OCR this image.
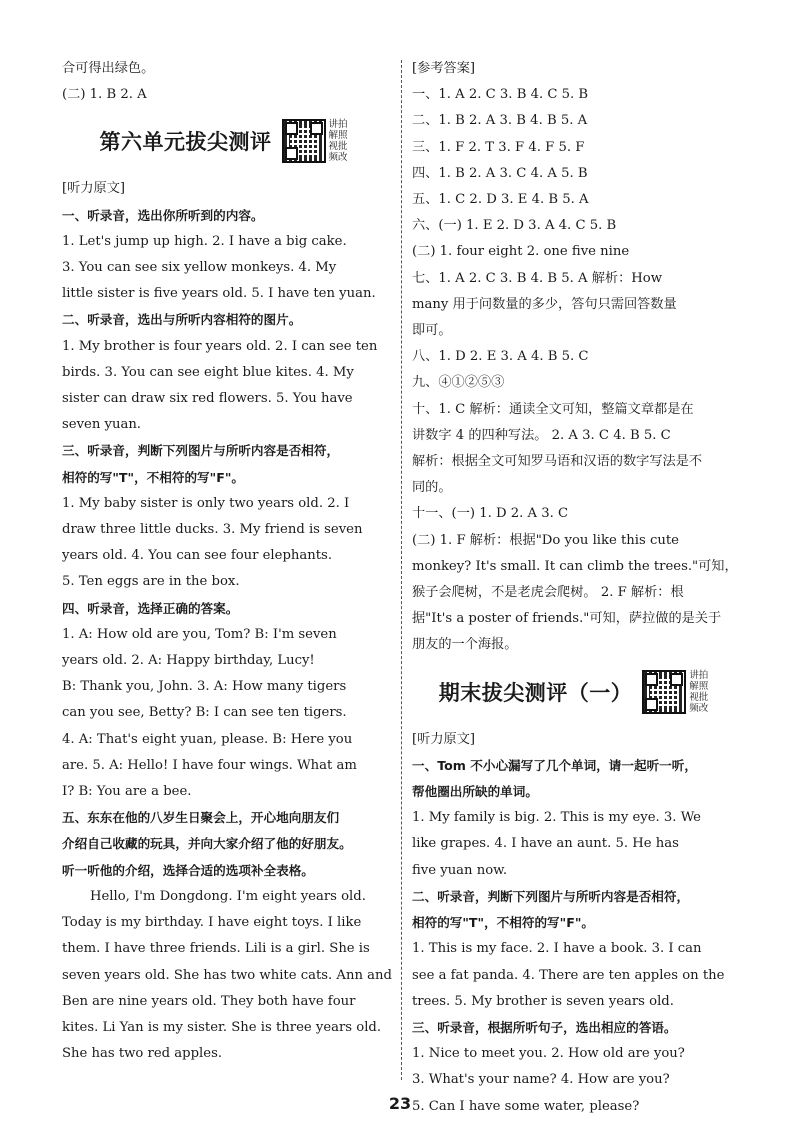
合可得出绿色。
(二) 1. B 2. A
第六单元拔尖测评
讲拍
解照
视批
频改
[听力原文]
一、听录音，选出你所听到的内容。
1. Let's jump up high. 2. I have a big cake.
3. You can see six yellow monkeys. 4. My
little sister is five years old. 5. I have ten yuan.
二、听录音，选出与所听内容相符的图片。
1. My brother is four years old. 2. I can see ten
birds. 3. You can see eight blue kites. 4. My
sister can draw six red flowers. 5. You have
seven yuan.
三、听录音，判断下列图片与所听内容是否相符，
相符的写"T"，不相符的写"F"。
1. My baby sister is only two years old. 2. I
draw three little ducks. 3. My friend is seven
years old. 4. You can see four elephants.
5. Ten eggs are in the box.
四、听录音，选择正确的答案。
1. A: How old are you, Tom? B: I'm seven
years old. 2. A: Happy birthday, Lucy!
B: Thank you, John. 3. A: How many tigers
can you see, Betty? B: I can see ten tigers.
4. A: That's eight yuan, please. B: Here you
are. 5. A: Hello! I have four wings. What am
I? B: You are a bee.
五、东东在他的八岁生日聚会上，开心地向朋友们
介绍自己收藏的玩具，并向大家介绍了他的好朋友。
听一听他的介绍，选择合适的选项补全表格。
Hello, I'm Dongdong. I'm eight years old.
Today is my birthday. I have eight toys. I like
them. I have three friends. Lili is a girl. She is
seven years old. She has two white cats. Ann and
Ben are nine years old. They both have four
kites. Li Yan is my sister. She is three years old.
She has two red apples.
[参考答案]
一、1. A 2. C 3. B 4. C 5. B
二、1. B 2. A 3. B 4. B 5. A
三、1. F 2. T 3. F 4. F 5. F
四、1. B 2. A 3. C 4. A 5. B
五、1. C 2. D 3. E 4. B 5. A
六、(一) 1. E 2. D 3. A 4. C 5. B
(二) 1. four eight 2. one five nine
七、1. A 2. C 3. B 4. B 5. A 解析：How
many 用于问数量的多少，答句只需回答数量
即可。
八、1. D 2. E 3. A 4. B 5. C
九、④①②⑤③
十、1. C 解析：通读全文可知，整篇文章都是在
讲数字 4 的四种写法。 2. A 3. C 4. B 5. C
解析：根据全文可知罗马语和汉语的数字写法是不
同的。
十一、(一) 1. D 2. A 3. C
(二) 1. F 解析：根据"Do you like this cute
monkey? It's small. It can climb the trees."可知，
猴子会爬树，不是老虎会爬树。 2. F 解析：根
据"It's a poster of friends."可知，萨拉做的是关于
朋友的一个海报。
期末拔尖测评（一）
讲拍
解照
视批
频改
[听力原文]
一、Tom 不小心漏写了几个单词，请一起听一听，
帮他圈出所缺的单词。
1. My family is big. 2. This is my eye. 3. We
like grapes. 4. I have an aunt. 5. He has
five yuan now.
二、听录音，判断下列图片与所听内容是否相符，
相符的写"T"，不相符的写"F"。
1. This is my face. 2. I have a book. 3. I can
see a fat panda. 4. There are ten apples on the
trees. 5. My brother is seven years old.
三、听录音，根据所听句子，选出相应的答语。
1. Nice to meet you. 2. How old are you?
3. What's your name? 4. How are you?
5. Can I have some water, please?
23
